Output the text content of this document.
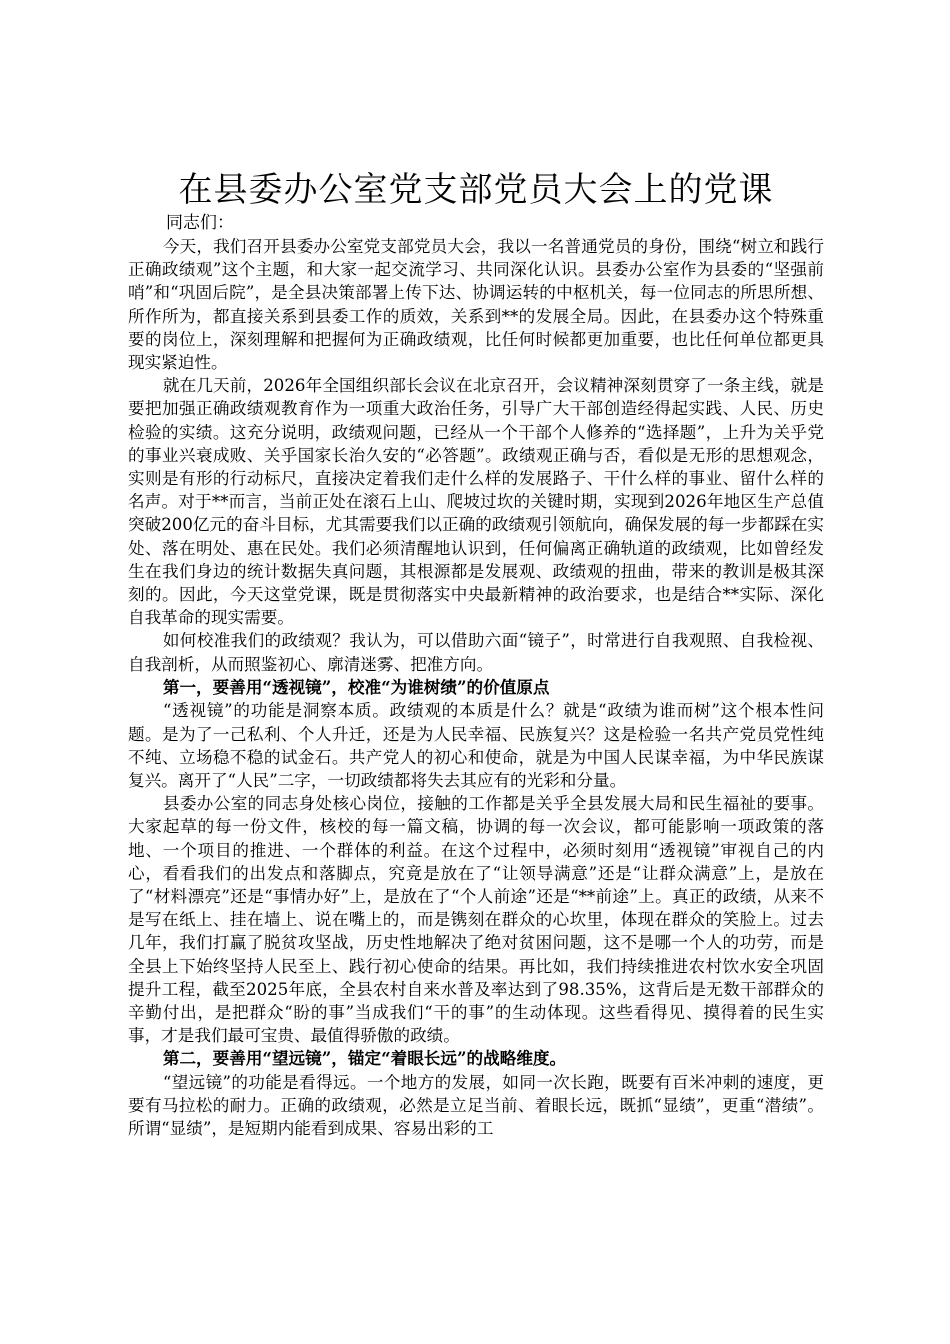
在县委办公室党支部党员大会上的党课

同志们：

今天，我们召开县委办公室党支部党员大会，我以一名普通党员的身份，围绕“树立和践行正确政绩观”这个主题，和大家一起交流学习、共同深化认识。县委办公室作为县委的“坚强前哨”和“巩固后院”，是全县决策部署上传下达、协调运转的中枢机关，每一位同志的所思所想、所作所为，都直接关系到县委工作的质效，关系到**的发展全局。因此，在县委办这个特殊重要的岗位上，深刻理解和把握何为正确政绩观，比任何时候都更加重要，也比任何单位都更具现实紧迫性。

就在几天前，2026年全国组织部长会议在北京召开，会议精神深刻贯穿了一条主线，就是要把加强正确政绩观教育作为一项重大政治任务，引导广大干部创造经得起实践、人民、历史检验的实绩。这充分说明，政绩观问题，已经从一个干部个人修养的“选择题”，上升为关乎党的事业兴衰成败、关乎国家长治久安的“必答题”。政绩观正确与否，看似是无形的思想观念，实则是有形的行动标尺，直接决定着我们走什么样的发展路子、干什么样的事业、留什么样的名声。对于**而言，当前正处在滚石上山、爬坡过坎的关键时期，实现到2026年地区生产总值突破200亿元的奋斗目标，尤其需要我们以正确的政绩观引领航向，确保发展的每一步都踩在实处、落在明处、惠在民处。我们必须清醒地认识到，任何偏离正确轨道的政绩观，比如曾经发生在我们身边的统计数据失真问题，其根源都是发展观、政绩观的扭曲，带来的教训是极其深刻的。因此，今天这堂党课，既是贯彻落实中央最新精神的政治要求，也是结合**实际、深化自我革命的现实需要。

如何校准我们的政绩观？我认为，可以借助六面“镜子”，时常进行自我观照、自我检视、自我剖析，从而照鉴初心、廓清迷雾、把准方向。

第一，要善用“透视镜”，校准“为谁树绩”的价值原点

“透视镜”的功能是洞察本质。政绩观的本质是什么？就是“政绩为谁而树”这个根本性问题。是为了一己私利、个人升迁，还是为人民幸福、民族复兴？这是检验一名共产党员党性纯不纯、立场稳不稳的试金石。共产党人的初心和使命，就是为中国人民谋幸福，为中华民族谋复兴。离开了“人民”二字，一切政绩都将失去其应有的光彩和分量。

县委办公室的同志身处核心岗位，接触的工作都是关乎全县发展大局和民生福祉的要事。大家起草的每一份文件，核校的每一篇文稿，协调的每一次会议，都可能影响一项政策的落地、一个项目的推进、一个群体的利益。在这个过程中，必须时刻用“透视镜”审视自己的内心，看看我们的出发点和落脚点，究竟是放在了“让领导满意”还是“让群众满意”上，是放在了“材料漂亮”还是“事情办好”上，是放在了“个人前途”还是“**前途”上。真正的政绩，从来不是写在纸上、挂在墙上、说在嘴上的，而是镌刻在群众的心坎里，体现在群众的笑脸上。过去几年，我们打赢了脱贫攻坚战，历史性地解决了绝对贫困问题，这不是哪一个人的功劳，而是全县上下始终坚持人民至上、践行初心使命的结果。再比如，我们持续推进农村饮水安全巩固提升工程，截至2025年底，全县农村自来水普及率达到了98.35%，这背后是无数干部群众的辛勤付出，是把群众“盼的事”当成我们“干的事”的生动体现。这些看得见、摸得着的民生实事，才是我们最可宝贵、最值得骄傲的政绩。

第二，要善用“望远镜”，锚定“着眼长远”的战略维度。

“望远镜”的功能是看得远。一个地方的发展，如同一次长跑，既要有百米冲刺的速度，更要有马拉松的耐力。正确的政绩观，必然是立足当前、着眼长远，既抓“显绩”，更重“潜绩”。所谓“显绩”，是短期内能看到成果、容易出彩的工
